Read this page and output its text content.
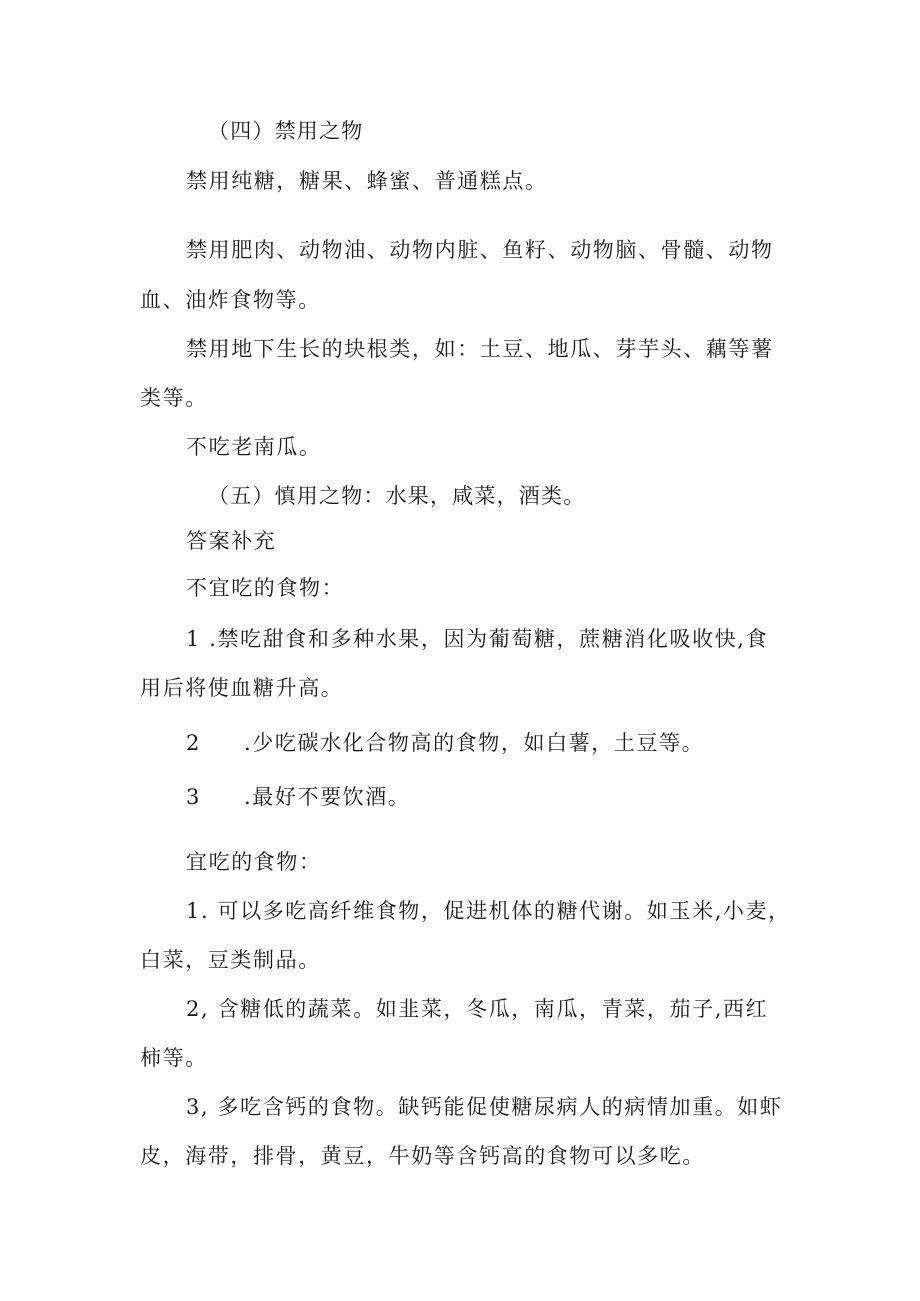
（四）禁用之物
禁用纯糖，糖果、蜂蜜、普通糕点。
禁用肥肉、动物油、动物内脏、鱼籽、动物脑、骨髓、动物
血、油炸食物等。
禁用地下生长的块根类，如：土豆、地瓜、芽芋头、藕等薯
类等。
不吃老南瓜。
（五）慎用之物：水果，咸菜，酒类。
答案补充
不宜吃的食物：
1 .禁吃甜食和多种水果，因为葡萄糖，蔗糖消化吸收快,食
用后将使血糖升高。
2 .少吃碳水化合物高的食物，如白薯，土豆等。
3 .最好不要饮酒。
宜吃的食物：
1. 可以多吃高纤维食物，促进机体的糖代谢。如玉米,小麦，
白菜，豆类制品。
2, 含糖低的蔬菜。如韭菜，冬瓜，南瓜，青菜，茄子,西红
柿等。
3, 多吃含钙的食物。缺钙能促使糖尿病人的病情加重。如虾
皮，海带，排骨，黄豆，牛奶等含钙高的食物可以多吃。
